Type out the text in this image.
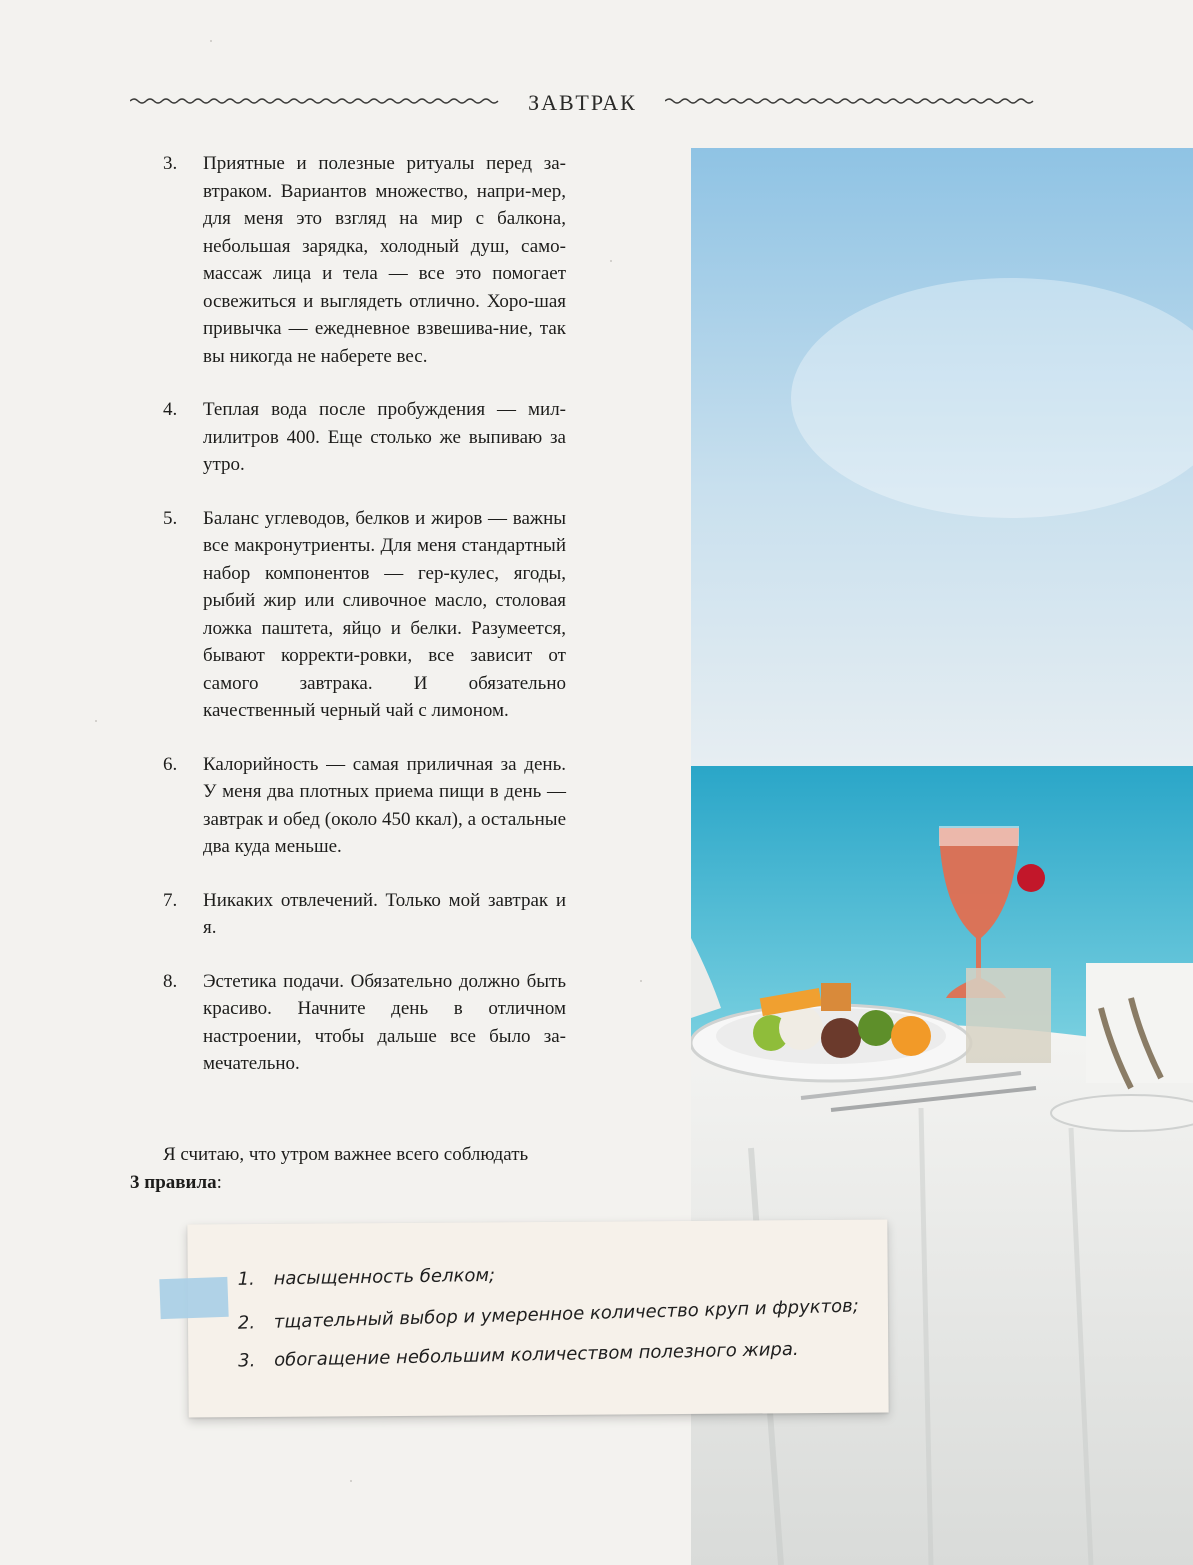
ЗАВТРАК
3.	Приятные и полезные ритуалы перед за-втраком. Вариантов множество, напри-мер, для меня это взгляд на мир с балкона, небольшая зарядка, холодный душ, само-массаж лица и тела — все это помогает освежиться и выглядеть отлично. Хоро-шая привычка — ежедневное взвешива-ние, так вы никогда не наберете вес.
4.	Теплая вода после пробуждения — мил-лилитров 400. Еще столько же выпиваю за утро.
5.	Баланс углеводов, белков и жиров — важны все макронутриенты. Для меня стандартный набор компонентов — гер-кулес, ягоды, рыбий жир или сливочное масло, столовая ложка паштета, яйцо и белки. Разумеется, бывают корректи-ровки, все зависит от самого завтрака. И обязательно качественный черный чай с лимоном.
6.	Калорийность — самая приличная за день. У меня два плотных приема пищи в день — завтрак и обед (около 450 ккал), а остальные два куда меньше.
7.	Никаких отвлечений. Только мой завтрак и я.
8.	Эстетика подачи. Обязательно должно быть красиво. Начните день в отличном настроении, чтобы дальше все было за-мечательно.
Я считаю, что утром важнее всего соблюдать
3 правила:
1.	насыщенность белком;
2.	тщательный выбор и умеренное количество круп и фруктов;
3.	обогащение небольшим количеством полезного жира.
